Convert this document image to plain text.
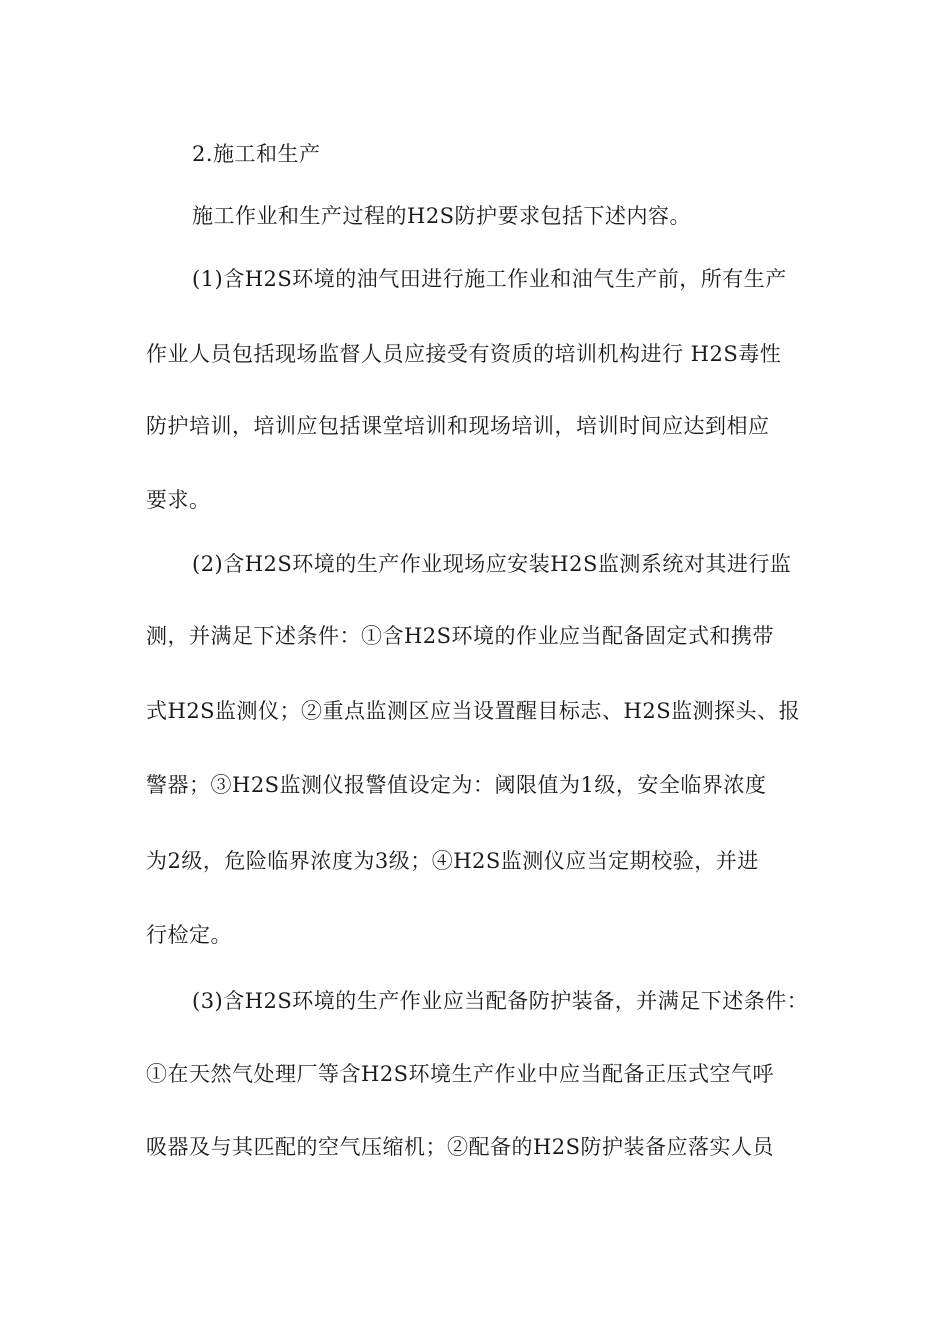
2.施工和生产
施工作业和生产过程的H2S防护要求包括下述内容。
(1)含H2S环境的油气田进行施工作业和油气生产前，所有生产
作业人员包括现场监督人员应接受有资质的培训机构进行 H2S毒性
防护培训，培训应包括课堂培训和现场培训，培训时间应达到相应
要求。
(2)含H2S环境的生产作业现场应安装H2S监测系统对其进行监
测，并满足下述条件：①含H2S环境的作业应当配备固定式和携带
式H2S监测仪；②重点监测区应当设置醒目标志、H2S监测探头、报
警器；③H2S监测仪报警值设定为：阈限值为1级，安全临界浓度
为2级，危险临界浓度为3级；④H2S监测仪应当定期校验，并进
行检定。
(3)含H2S环境的生产作业应当配备防护装备，并满足下述条件：
①在天然气处理厂等含H2S环境生产作业中应当配备正压式空气呼
吸器及与其匹配的空气压缩机；②配备的H2S防护装备应落实人员
